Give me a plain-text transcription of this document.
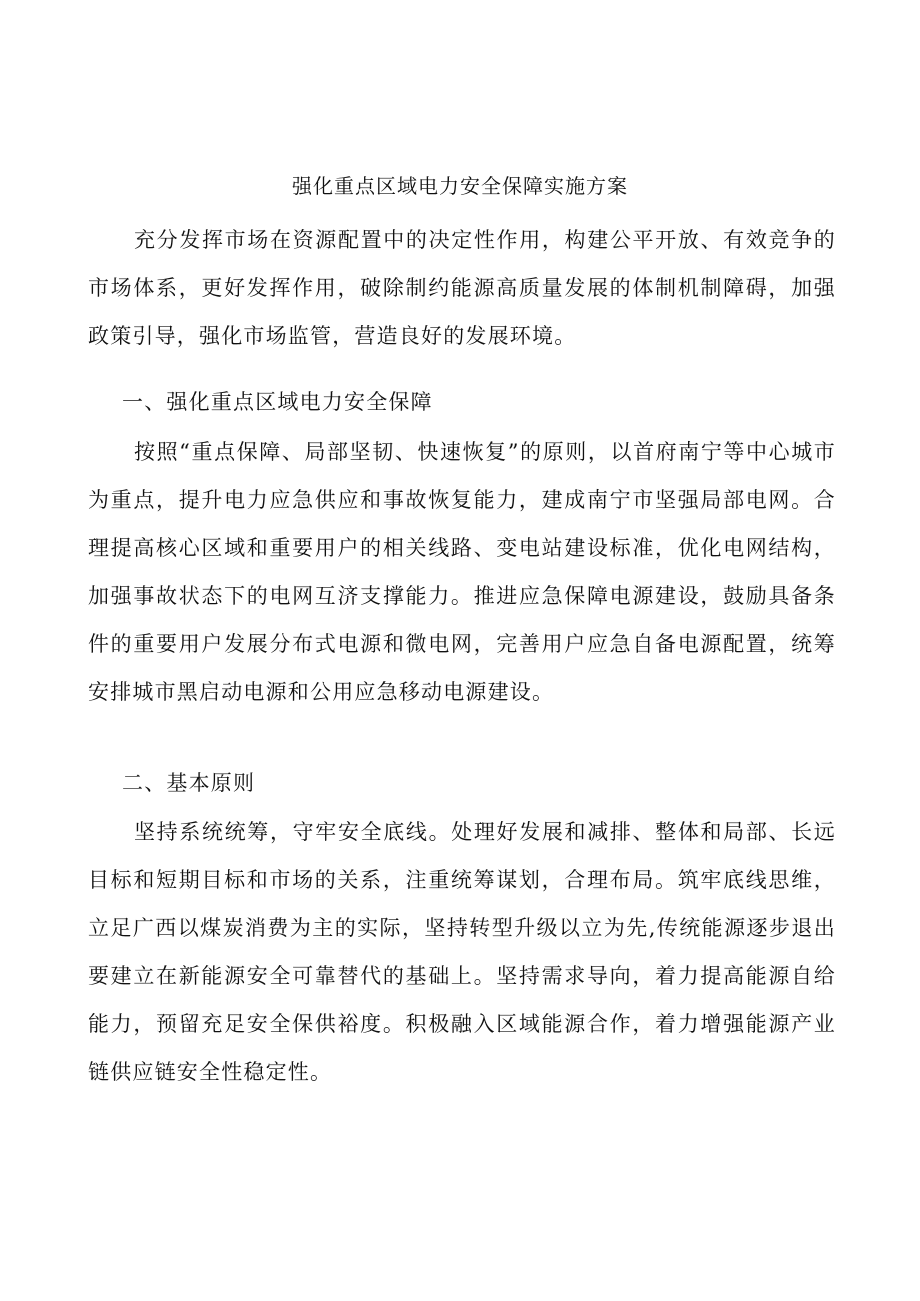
强化重点区域电力安全保障实施方案

充分发挥市场在资源配置中的决定性作用，构建公平开放、有效竞争的市场体系，更好发挥作用，破除制约能源高质量发展的体制机制障碍，加强政策引导，强化市场监管，营造良好的发展环境。

一、强化重点区域电力安全保障

按照“重点保障、局部坚韧、快速恢复”的原则，以首府南宁等中心城市为重点，提升电力应急供应和事故恢复能力，建成南宁市坚强局部电网。合理提高核心区域和重要用户的相关线路、变电站建设标准，优化电网结构，加强事故状态下的电网互济支撑能力。推进应急保障电源建设，鼓励具备条件的重要用户发展分布式电源和微电网，完善用户应急自备电源配置，统筹安排城市黑启动电源和公用应急移动电源建设。

二、基本原则

坚持系统统筹，守牢安全底线。处理好发展和减排、整体和局部、长远目标和短期目标和市场的关系，注重统筹谋划，合理布局。筑牢底线思维，立足广西以煤炭消费为主的实际，坚持转型升级以立为先,传统能源逐步退出要建立在新能源安全可靠替代的基础上。坚持需求导向，着力提高能源自给能力，预留充足安全保供裕度。积极融入区域能源合作，着力增强能源产业链供应链安全性稳定性。
